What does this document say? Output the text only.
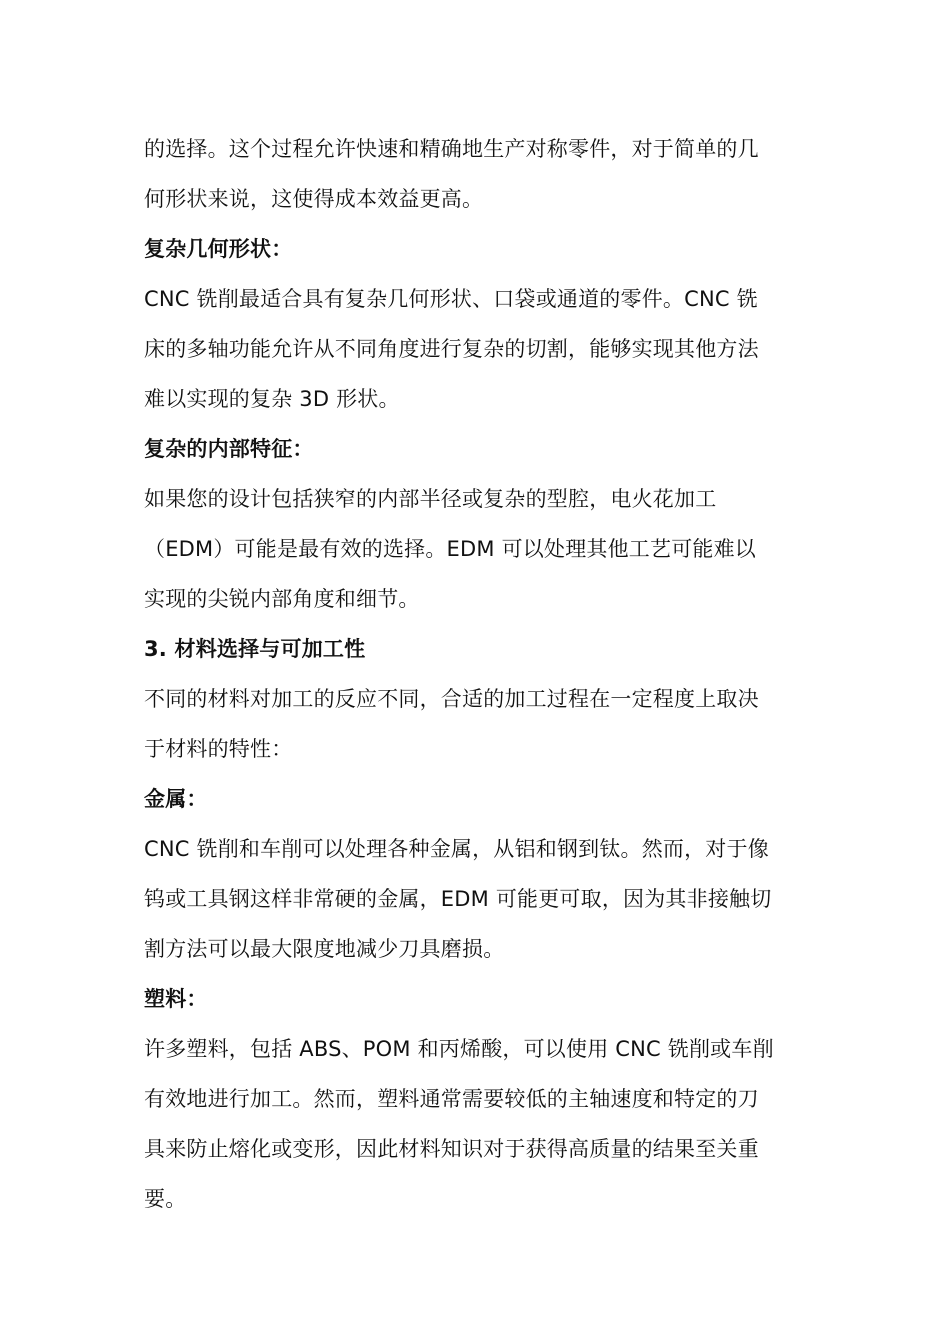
的选择。这个过程允许快速和精确地生产对称零件，对于简单的几
何形状来说，这使得成本效益更高。
复杂几何形状：
CNC 铣削最适合具有复杂几何形状、口袋或通道的零件。CNC 铣
床的多轴功能允许从不同角度进行复杂的切割，能够实现其他方法
难以实现的复杂 3D 形状。
复杂的内部特征：
如果您的设计包括狭窄的内部半径或复杂的型腔，电火花加工
（EDM）可能是最有效的选择。EDM 可以处理其他工艺可能难以
实现的尖锐内部角度和细节。
3. 材料选择与可加工性
不同的材料对加工的反应不同，合适的加工过程在一定程度上取决
于材料的特性：
金属：
CNC 铣削和车削可以处理各种金属，从铝和钢到钛。然而，对于像
钨或工具钢这样非常硬的金属，EDM 可能更可取，因为其非接触切
割方法可以最大限度地减少刀具磨损。
塑料：
许多塑料，包括 ABS、POM 和丙烯酸，可以使用 CNC 铣削或车削
有效地进行加工。然而，塑料通常需要较低的主轴速度和特定的刀
具来防止熔化或变形，因此材料知识对于获得高质量的结果至关重
要。
